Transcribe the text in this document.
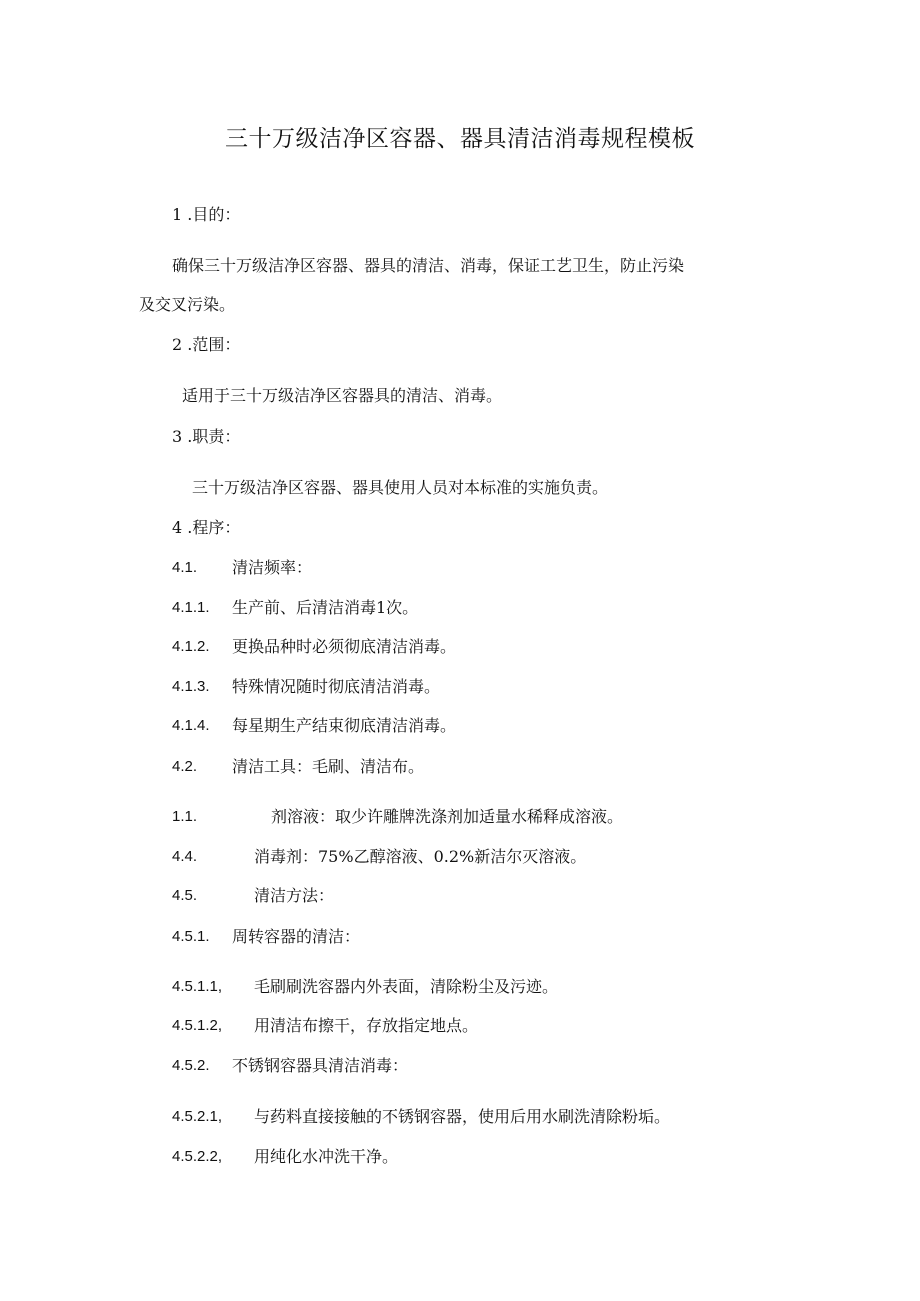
三十万级洁净区容器、器具清洁消毒规程模板
1 .目的：
确保三十万级洁净区容器、器具的清洁、消毒，保证工艺卫生，防止污染
及交叉污染。
2 .范围：
适用于三十万级洁净区容器具的清洁、消毒。
3 .职责：
三十万级洁净区容器、器具使用人员对本标准的实施负责。
4 .程序：
4.1. 清洁频率：
4.1.1. 生产前、后清洁消毒1次。
4.1.2. 更换品种时必须彻底清洁消毒。
4.1.3. 特殊情况随时彻底清洁消毒。
4.1.4. 每星期生产结束彻底清洁消毒。
4.2. 清洁工具：毛刷、清洁布。
1.1.	剂溶液：取少许雕牌洗涤剂加适量水稀释成溶液。
4.4.	消毒剂：75%乙醇溶液、0.2%新洁尔灭溶液。
4.5.	清洁方法：
4.5.1. 周转容器的清洁：
4.5.1.1, 毛刷刷洗容器内外表面，清除粉尘及污迹。
4.5.1.2, 用清洁布擦干，存放指定地点。
4.5.2. 不锈钢容器具清洁消毒：
4.5.2.1, 与药料直接接触的不锈钢容器，使用后用水刷洗清除粉垢。
4.5.2.2, 用纯化水冲洗干净。
